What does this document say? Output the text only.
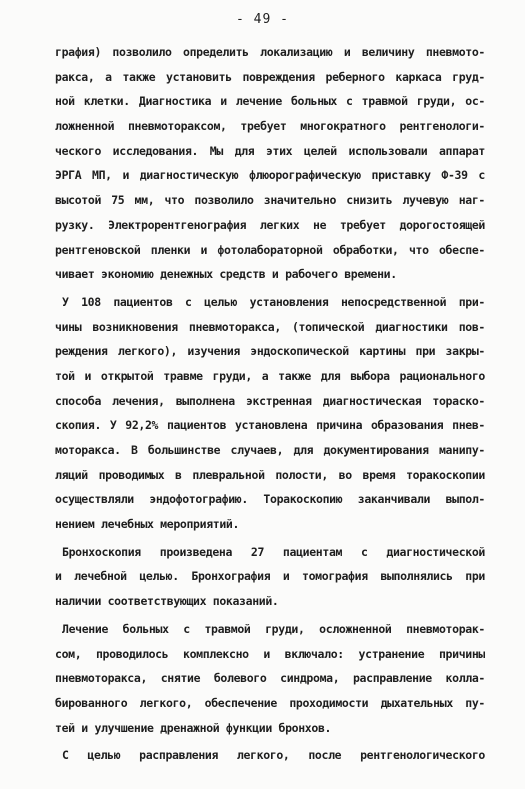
- 49 -
графия) позволило определить локализацию и величину пневмото-
ракса, а также установить повреждения реберного каркаса груд-
ной клетки. Диагностика и лечение больных с травмой груди, ос-
ложненной пневмотораксом, требует многократного рентгенологи-
ческого исследования. Мы для этих целей использовали аппарат
ЭРГА МП, и диагностическую флюорографическую приставку Ф-39 с
высотой 75 мм, что позволило значительно снизить лучевую наг-
рузку. Электрорентгенография легких не требует дорогостоящей
рентгеновской пленки и фотолабораторной обработки, что обеспе-
чивает экономию денежных средств и рабочего времени.
У 108 пациентов с целью установления непосредственной при-
чины возникновения пневмоторакса, (топической диагностики пов-
реждения легкого), изучения эндоскопической картины при закры-
той и открытой травме груди, а также для выбора рационального
способа лечения, выполнена экстренная диагностическая тораско-
скопия. У 92,2% пациентов установлена причина образования пнев-
моторакса. В большинстве случаев, для документирования манипу-
ляций проводимых в плевральной полости, во время торакоскопии
осуществляли эндофотографию. Торакоскопию заканчивали выпол-
нением лечебных мероприятий.
Бронхоскопия произведена 27 пациентам с диагностической
и лечебной целью. Бронхография и томография выполнялись при
наличии соответствующих показаний.
Лечение больных с травмой груди, осложненной пневмоторак-
сом, проводилось комплексно и включало: устранение причины
пневмоторакса, снятие болевого синдрома, расправление колла-
бированного легкого, обеспечение проходимости дыхательных пу-
тей и улучшение дренажной функции бронхов.
С целью расправления легкого, после рентгенологического
